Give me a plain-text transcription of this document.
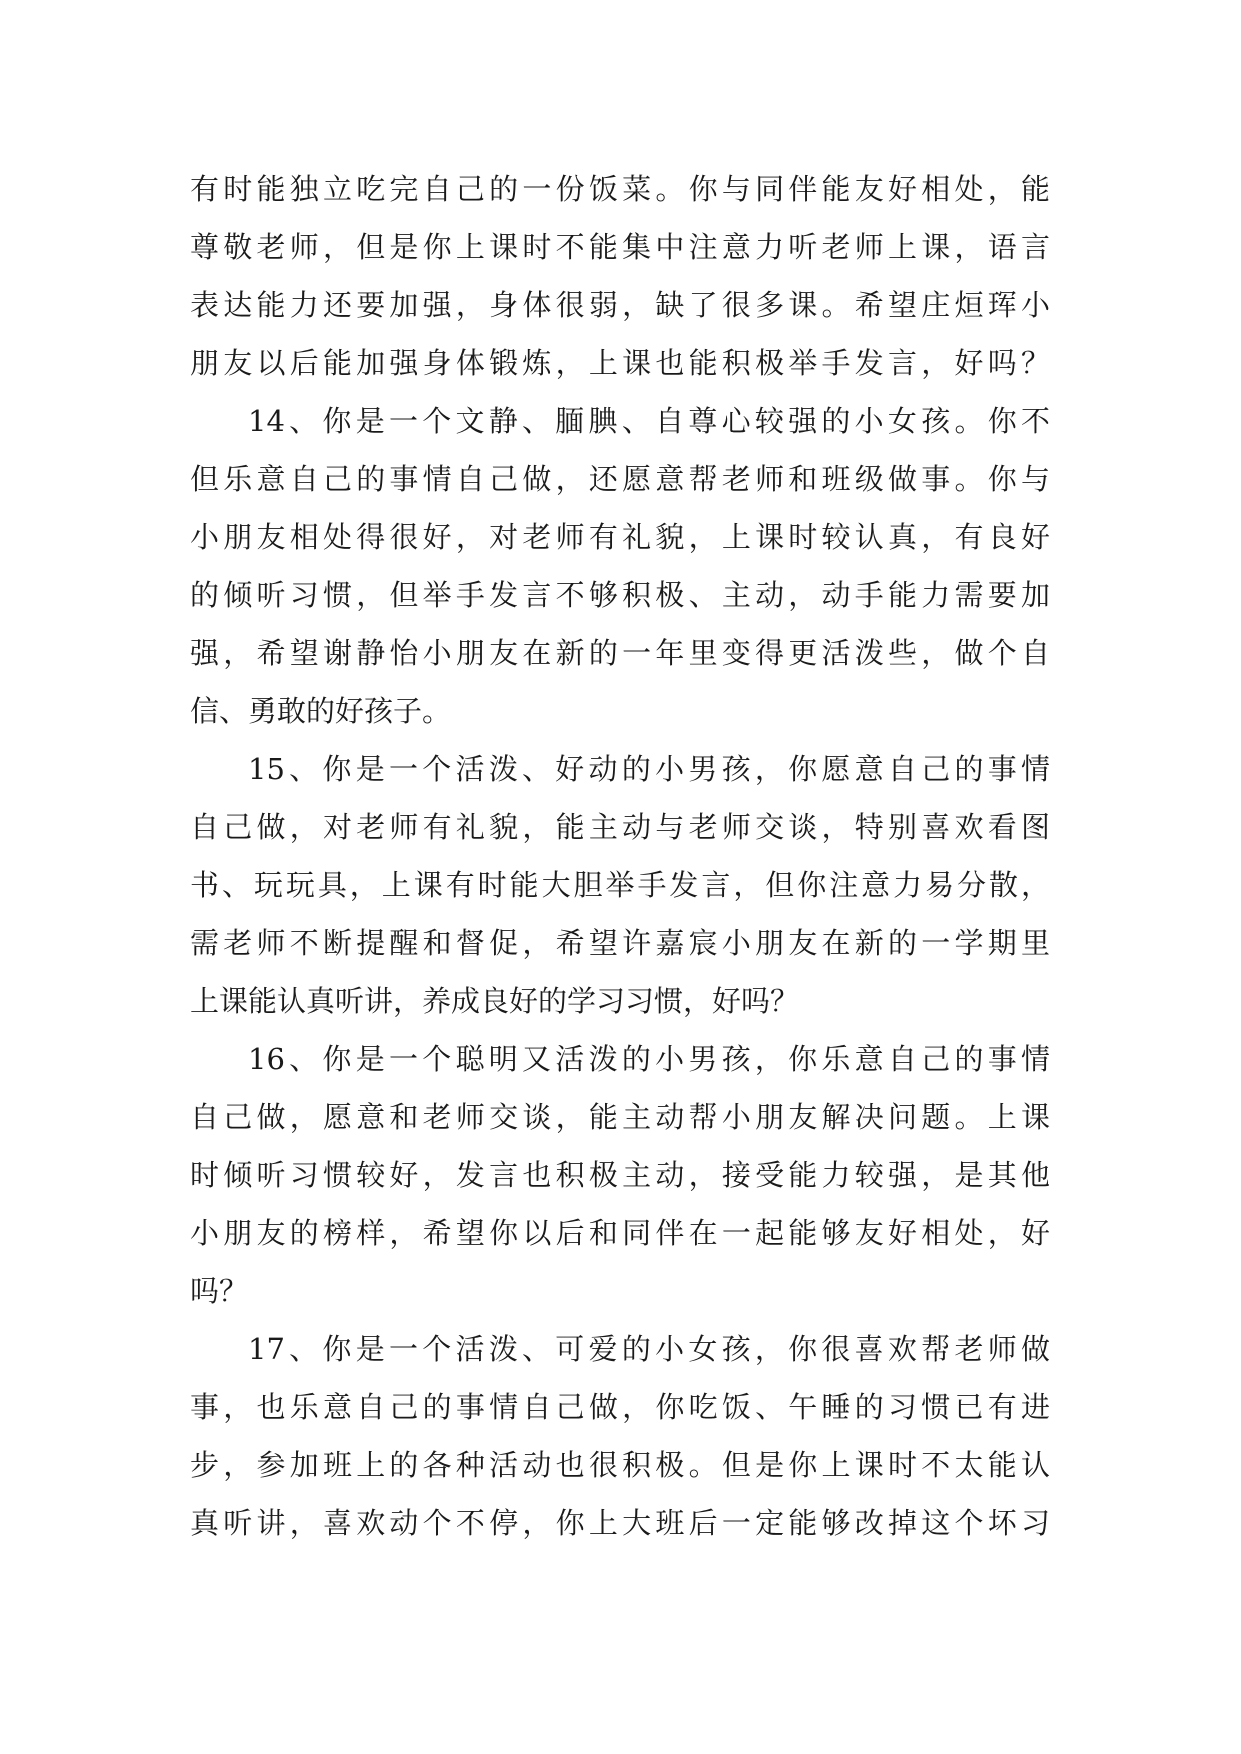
有时能独立吃完自己的一份饭菜。你与同伴能友好相处，能
尊敬老师，但是你上课时不能集中注意力听老师上课，语言
表达能力还要加强，身体很弱，缺了很多课。希望庄烜珲小
朋友以后能加强身体锻炼，上课也能积极举手发言，好吗？
14、你是一个文静、腼腆、自尊心较强的小女孩。你不
但乐意自己的事情自己做，还愿意帮老师和班级做事。你与
小朋友相处得很好，对老师有礼貌，上课时较认真，有良好
的倾听习惯，但举手发言不够积极、主动，动手能力需要加
强，希望谢静怡小朋友在新的一年里变得更活泼些，做个自
信、勇敢的好孩子。
15、你是一个活泼、好动的小男孩，你愿意自己的事情
自己做，对老师有礼貌，能主动与老师交谈，特别喜欢看图
书、玩玩具，上课有时能大胆举手发言，但你注意力易分散，
需老师不断提醒和督促，希望许嘉宸小朋友在新的一学期里
上课能认真听讲，养成良好的学习习惯，好吗？
16、你是一个聪明又活泼的小男孩，你乐意自己的事情
自己做，愿意和老师交谈，能主动帮小朋友解决问题。上课
时倾听习惯较好，发言也积极主动，接受能力较强，是其他
小朋友的榜样，希望你以后和同伴在一起能够友好相处，好
吗？
17、你是一个活泼、可爱的小女孩，你很喜欢帮老师做
事，也乐意自己的事情自己做，你吃饭、午睡的习惯已有进
步，参加班上的各种活动也很积极。但是你上课时不太能认
真听讲，喜欢动个不停，你上大班后一定能够改掉这个坏习
